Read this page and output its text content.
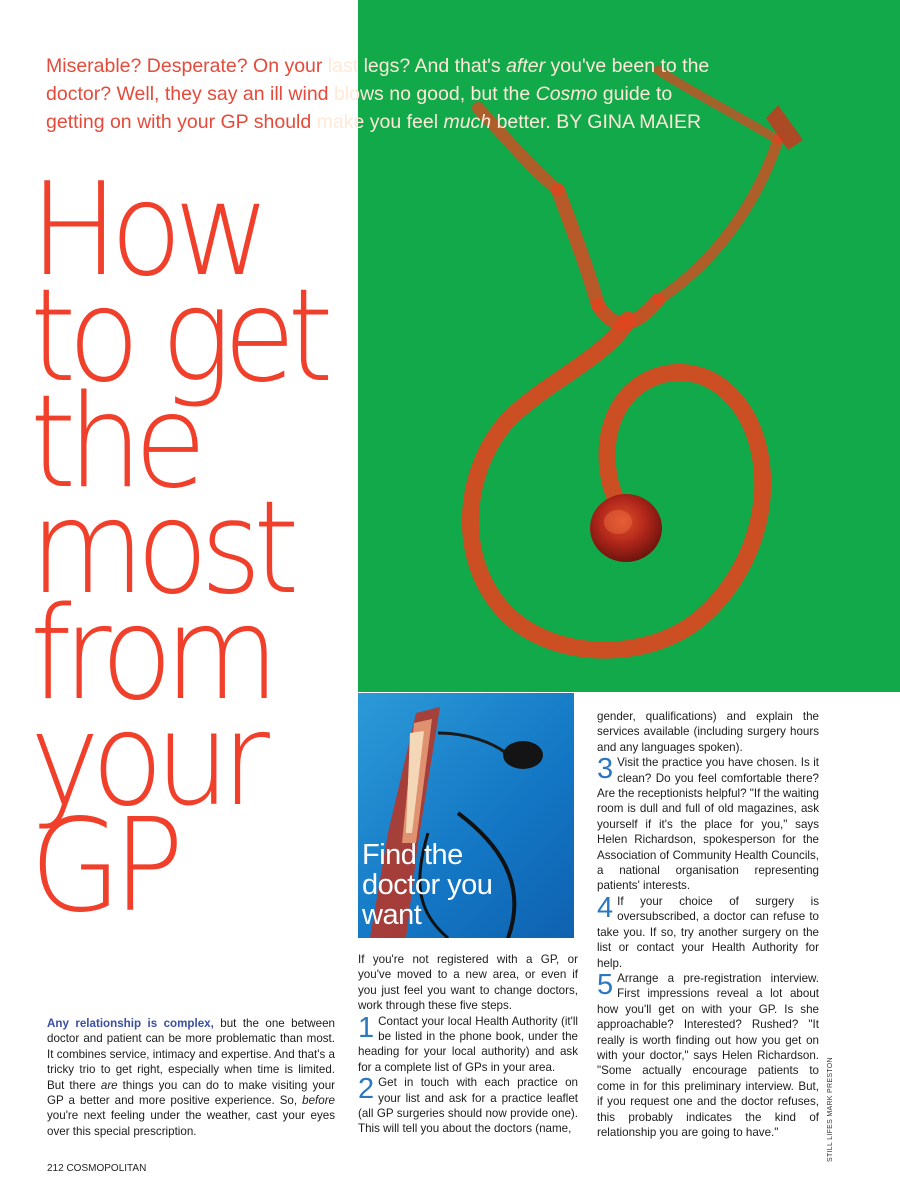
Miserable? Desperate? On your last legs? And that's after you've been to the
doctor? Well, they say an ill wind blows no good, but the Cosmo guide to
getting on with your GP should make you feel much better. BY GINA MAIER
How
to get
the
most
from
your
GP	Find the
doctor you
want

Any relationship is complex, but the one between doctor and patient can be more problematic than most. It combines service, intimacy and expertise. And that's a tricky trio to get right, especially when time is limited. But there are things you can do to make visiting your GP a better and more positive experience. So, before you're next feeling under the weather, cast your eyes over this special prescription.

If you're not registered with a GP, or you've moved to a new area, or even if you just feel you want to change doctors, work through these five steps.

1 Contact your local Health Authority (it'll be listed in the phone book, under the heading for your local authority) and ask for a complete list of GPs in your area.
2 Get in touch with each practice on your list and ask for a practice leaflet (all GP surgeries should now provide one). This will tell you about the doctors (name,

gender, qualifications) and explain the services available (including surgery hours and any languages spoken).

3 Visit the practice you have chosen. Is it clean? Do you feel comfortable there? Are the receptionists helpful? "If the waiting room is dull and full of old magazines, ask yourself if it's the place for you," says Helen Richardson, spokesperson for the Association of Community Health Councils, a national organisation representing patients' interests.
4 If your choice of surgery is oversubscribed, a doctor can refuse to take you. If so, try another surgery on the list or contact your Health Authority for help.
5 Arrange a pre-registration interview. First impressions reveal a lot about how you'll get on with your GP. Is she approachable? Interested? Rushed? "It really is worth finding out how you get on with your doctor," says Helen Richardson. "Some actually encourage patients to come in for this preliminary interview. But, if you request one and the doctor refuses, this probably indicates the kind of relationship you are going to have."
212 COSMOPOLITAN
STILL LIFES MARK PRESTON
